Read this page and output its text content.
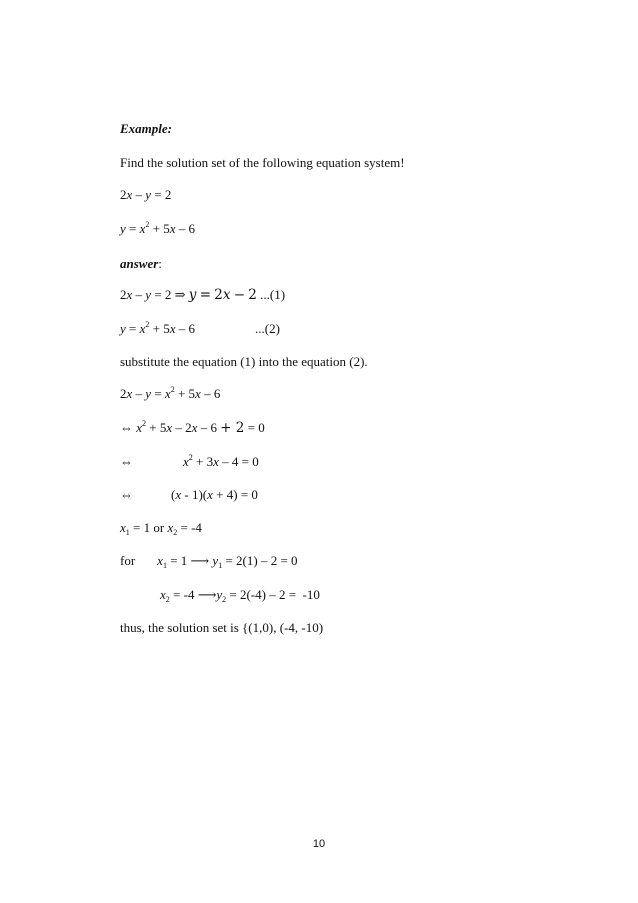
Example:
Find the solution set of the following equation system!
2x – y = 2
$y = x^2 + 5x - 6$
answer:
2x – y = 2 ⇒ y = 2x − 2 ...(1)
$y = x^2 + 5x - 6$	...(2)
substitute the equation (1) into the equation (2).
$2x - y = x^2 + 5x - 6$
⇔ $x^2 + 5x - 2x - 6 + 2 = 0$
⇔	$x^2 + 3x - 4 = 0$
⇔	(x - 1)(x + 4) = 0
$x_1 = 1$ or $x_2 = -4$
for $x_1 = 1$ ⟶ $y_1 = 2(1) - 2 = 0$
$x_2 = -4$ $⟶y_2 = 2(-4) - 2 = -10$
thus, the solution set is {(1,0), (-4, -10)
10
